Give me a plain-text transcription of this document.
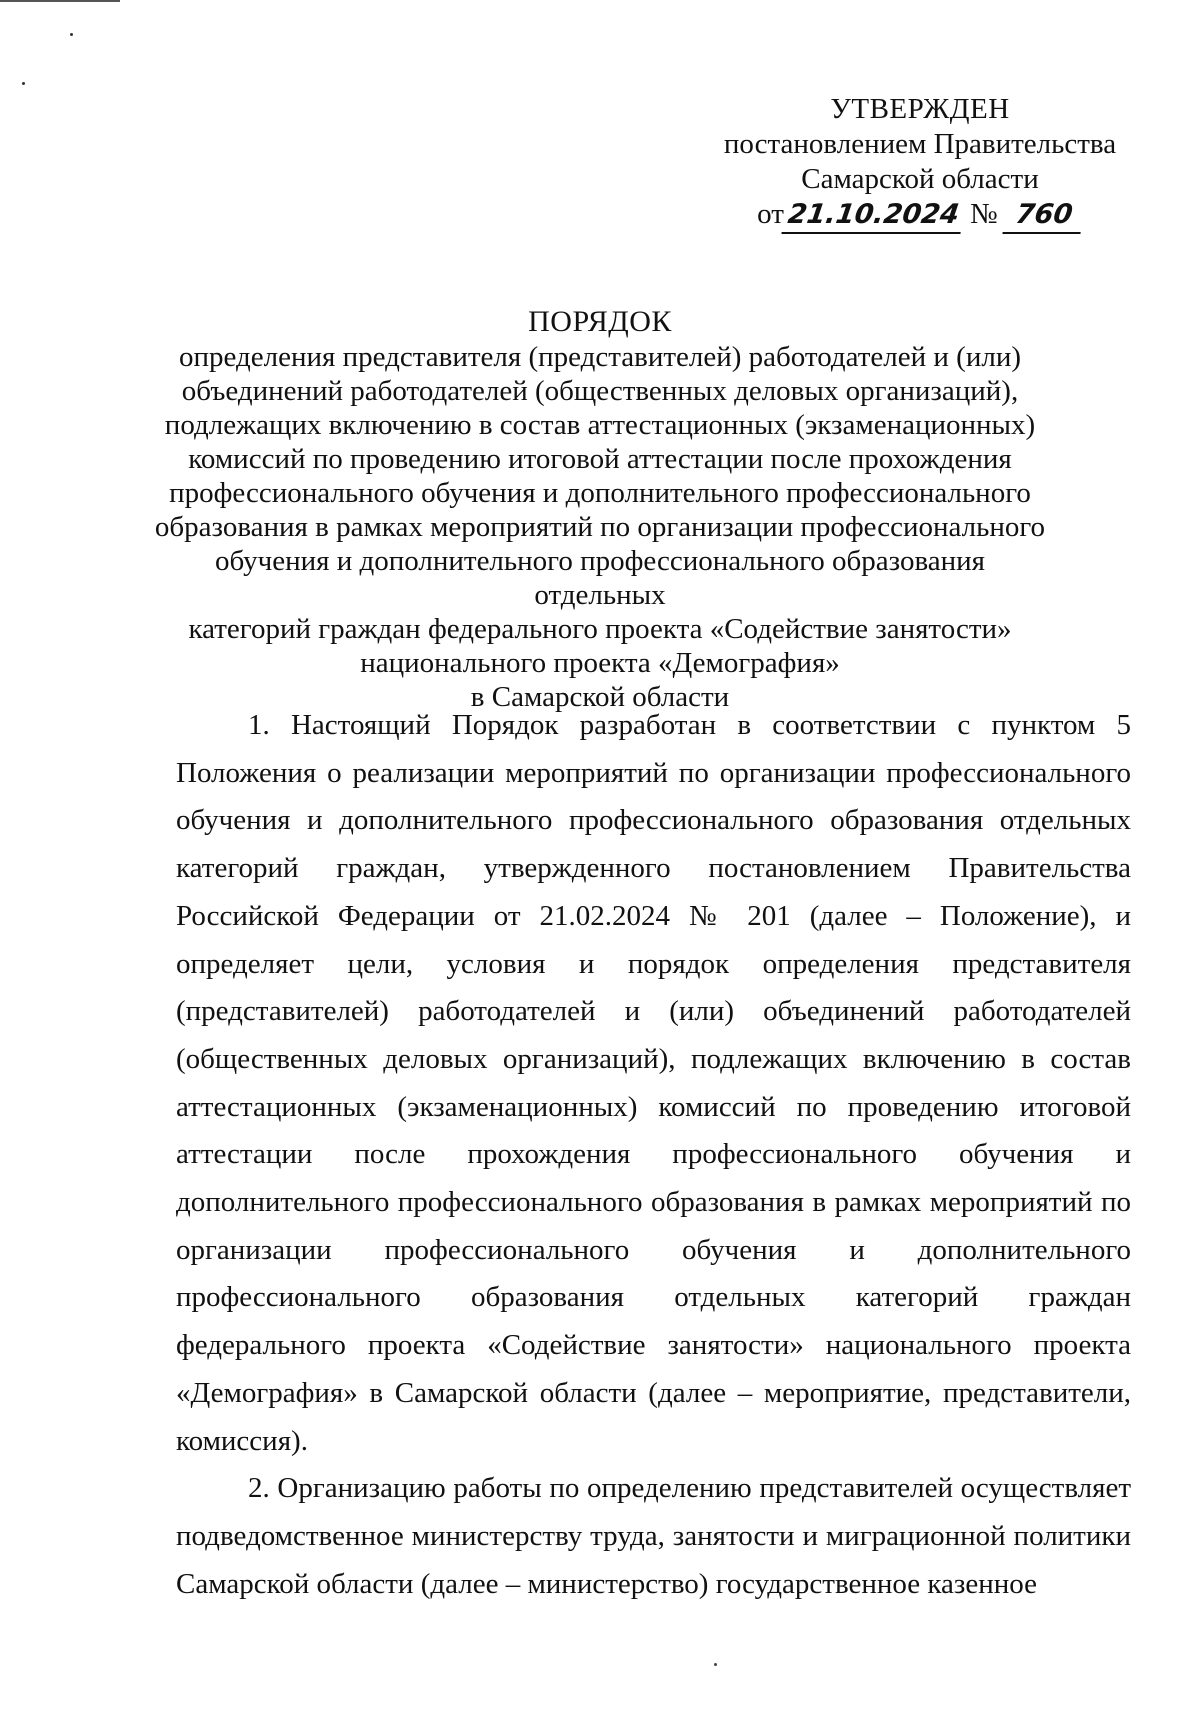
УТВЕРЖДЕН
постановлением Правительства
Самарской области
от21.10.2024 № 760
ПОРЯДОК
определения представителя (представителей) работодателей и (или)
объединений работодателей (общественных деловых организаций),
подлежащих включению в состав аттестационных (экзаменационных)
комиссий по проведению итоговой аттестации после прохождения
профессионального обучения и дополнительного профессионального
образования в рамках мероприятий по организации профессионального
обучения и дополнительного профессионального образования отдельных
категорий граждан федерального проекта «Содействие занятости»
национального проекта «Демография»
в Самарской области

1. Настоящий Порядок разработан в соответствии с пунктом 5 Положения о реализации мероприятий по организации профессионального обучения и дополнительного профессионального образования отдельных категорий граждан, утвержденного постановлением Правительства Российской Федерации от 21.02.2024 № 201 (далее – Положение), и определяет цели, условия и порядок определения представителя (представителей) работодателей и (или) объединений работодателей (общественных деловых организаций), подлежащих включению в состав аттестационных (экзаменационных) комиссий по проведению итоговой аттестации после прохождения профессионального обучения и дополнительного профессионального образования в рамках мероприятий по организации профессионального обучения и дополнительного профессионального образования отдельных категорий граждан федерального проекта «Содействие занятости» национального проекта «Демография» в Самарской области (далее – мероприятие, представители, комиссия).

2. Организацию работы по определению представителей осуществляет подведомственное министерству труда, занятости и миграционной политики Самарской области (далее – министерство) государственное казенное
